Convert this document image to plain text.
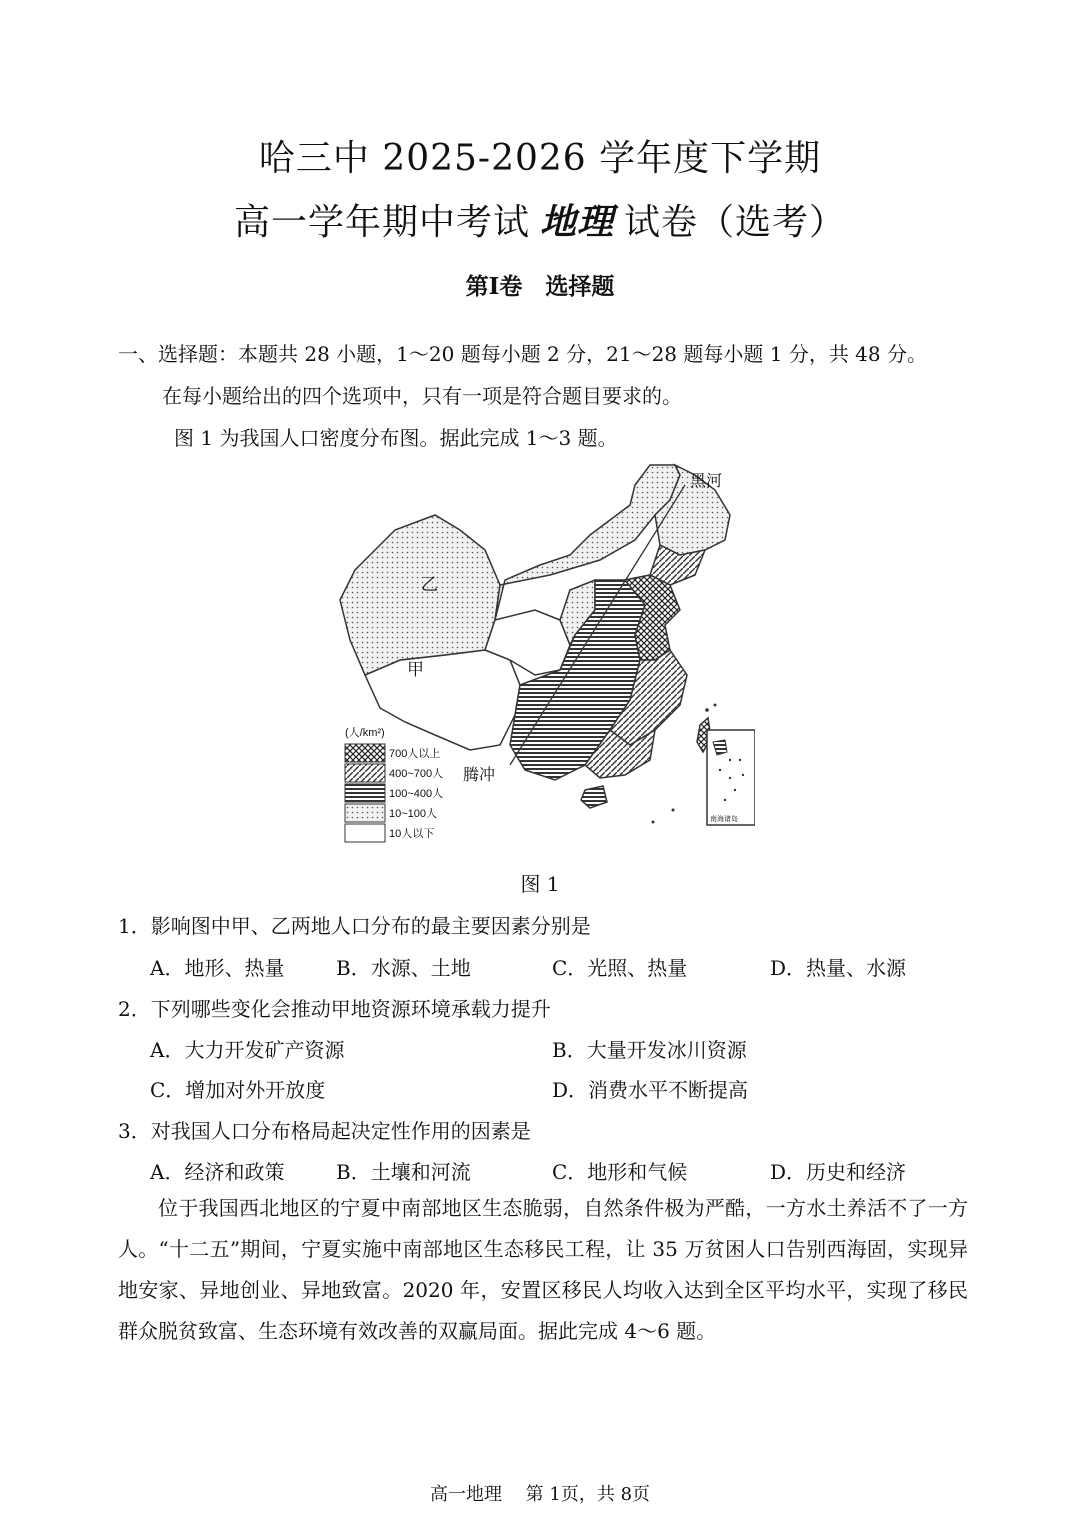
哈三中 2025-2026 学年度下学期
高一学年期中考试 地理 试卷（选考）
第Ⅰ卷　选择题
一、选择题：本题共 28 小题，1～20 题每小题 2 分，21～28 题每小题 1 分，共 48 分。
在每小题给出的四个选项中，只有一项是符合题目要求的。
图 1 为我国人口密度分布图。据此完成 1～3 题。
黑河
腾冲
乙
甲
南海诸岛
(人/km²)
700人以上
400~700人
100~400人
10~100人
10人以下
图 1
1．影响图中甲、乙两地人口分布的最主要因素分别是
A．地形、热量	B．水源、土地	C．光照、热量	D．热量、水源
2．下列哪些变化会推动甲地资源环境承载力提升
A．大力开发矿产资源	B．大量开发冰川资源
C．增加对外开放度	D．消费水平不断提高
3．对我国人口分布格局起决定性作用的因素是
A．经济和政策	B．土壤和河流	C．地形和气候	D．历史和经济
位于我国西北地区的宁夏中南部地区生态脆弱，自然条件极为严酷，一方水土养活不了一方人。“十二五”期间，宁夏实施中南部地区生态移民工程，让 35 万贫困人口告别西海固，实现异地安家、异地创业、异地致富。2020 年，安置区移民人均收入达到全区平均水平，实现了移民群众脱贫致富、生态环境有效改善的双赢局面。据此完成 4～6 题。
高一地理　 第 1页，共 8页
